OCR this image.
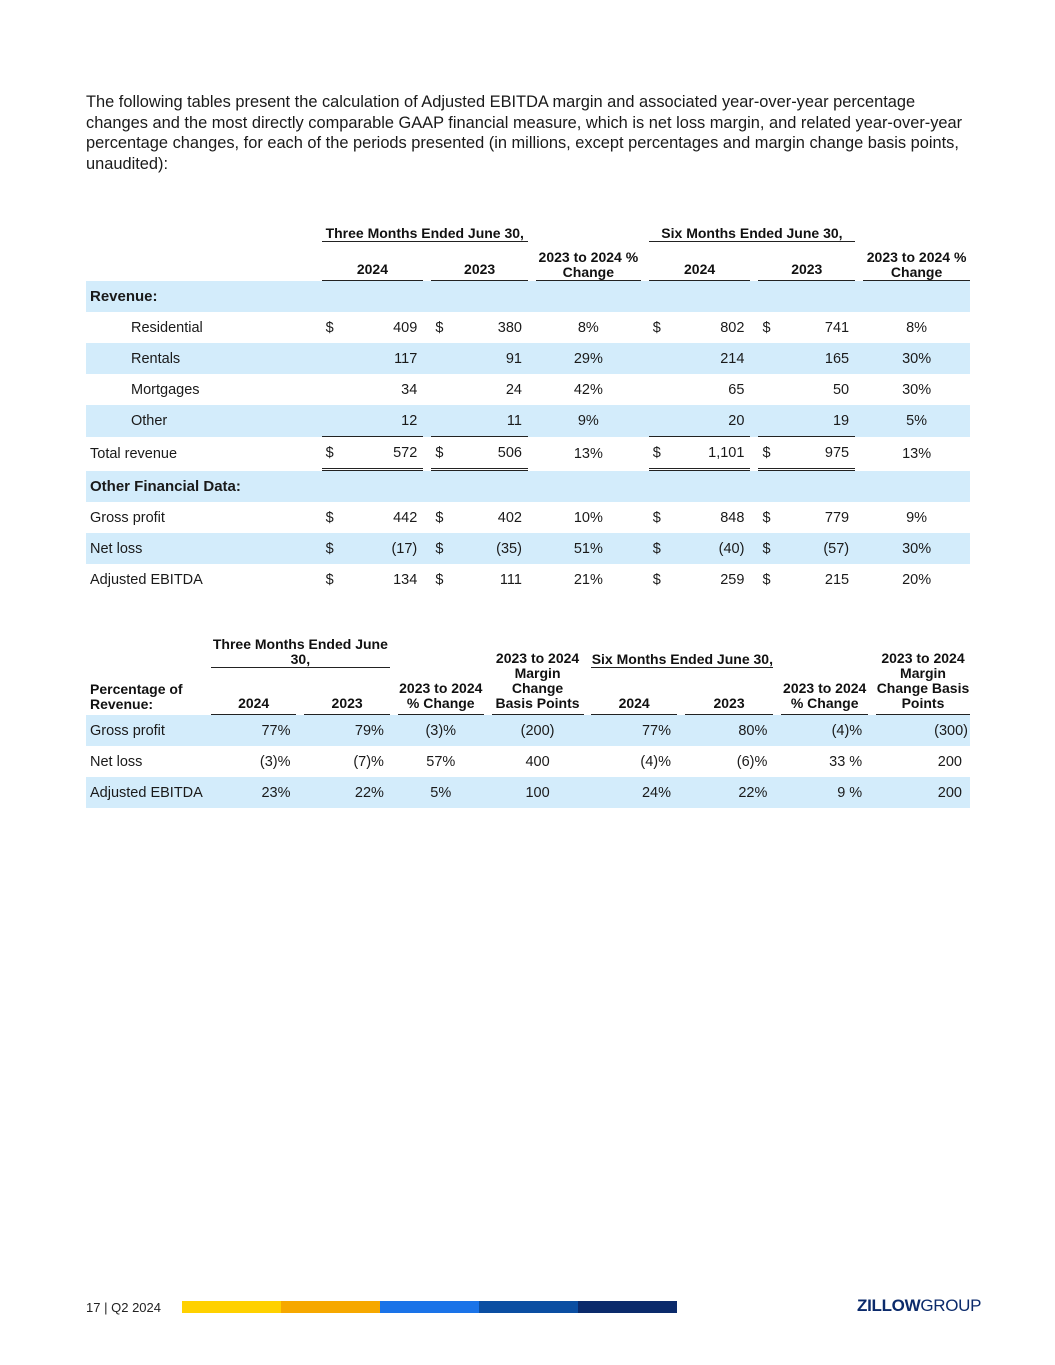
The following tables present the calculation of Adjusted EBITDA margin and associated year-over-year percentage changes and the most directly comparable GAAP financial measure, which is net loss margin, and related year-over-year percentage changes, for each of the periods presented (in millions, except percentages and margin change basis points, unaudited):

	Three Months Ended June 30,						2023 to 2024 % Change		Six Months Ended June 30,						2023 to 2024 % Change
	2024			2023					2024			2023			
Revenue:															
Residential	$	409		$	380		8%		$	802		$	741		8%
Rentals		117			91		29%			214			165		30%
Mortgages		34			24		42%			65			50		30%
Other		12			11		9%			20			19		5%
Total revenue	$	572		$	506		13%		$	1,101		$	975		13%
Other Financial Data:															
Gross profit	$	442		$	402		10%		$	848		$	779		9%
Net loss	$	(17)		$	(35)		51%		$	(40)		$	(57)		30%
Adjusted EBITDA	$	134		$	111		21%		$	259		$	215		20%
Percentage of Revenue:	Three Months Ended June 30,				2023 to 2024 % Change		2023 to 2024 Margin Change Basis Points		Six Months Ended June 30,				2023 to 2024 % Change		2023 to 2024 Margin Change Basis Points
	2024		2023						2024		2023				
Gross profit	77%		79%		(3)%		(200)		77%		80%		(4)%		(300)
Net loss	(3)%		(7)%		57%		400		(4)%		(6)%		33 %		200
Adjusted EBITDA	23%		22%		5%		100		24%		22%		9 %		200
17 | Q2 2024	ZILLOWGROUP
